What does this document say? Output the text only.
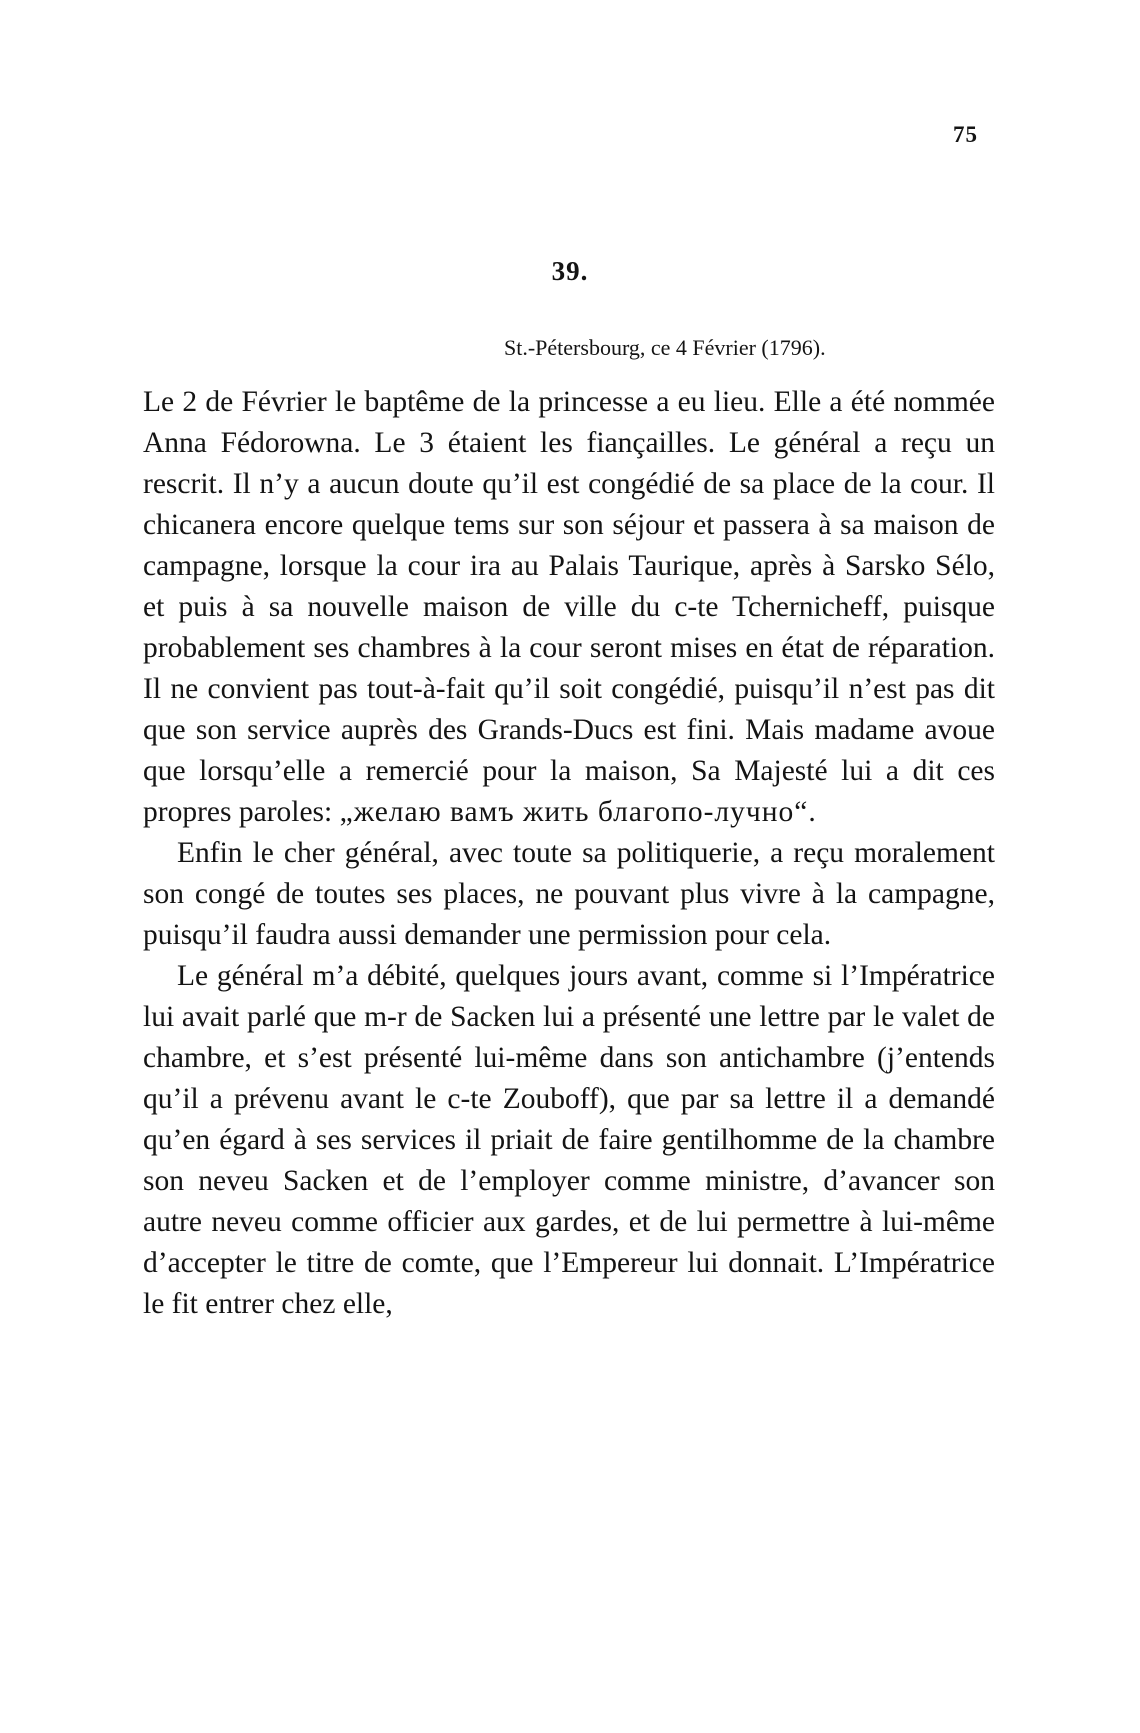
75
39.
St.-Pétersbourg, ce 4 Février (1796).

Le 2 de Février le baptême de la princesse a eu lieu. Elle a été nommée Anna Fédorowna. Le 3 étaient les fiançailles. Le général a reçu un rescrit. Il n’y a aucun doute qu’il est congédié de sa place de la cour. Il chicanera encore quelque tems sur son séjour et passera à sa maison de campagne, lorsque la cour ira au Palais Taurique, après à Sarsko Sélo, et puis à sa nouvelle maison de ville du c-te Tchernicheff, puisque probablement ses chambres à la cour seront mises en état de réparation. Il ne convient pas tout-à-fait qu’il soit congédié, puisqu’il n’est pas dit que son service auprès des Grands-Ducs est fini. Mais madame avoue que lorsqu’elle a remercié pour la maison, Sa Majesté lui a dit ces propres paroles: „желаю вамъ жить благопо-лучно“.

Enfin le cher général, avec toute sa politiquerie, a reçu moralement son congé de toutes ses places, ne pouvant plus vivre à la campagne, puisqu’il faudra aussi demander une permission pour cela.

Le général m’a débité, quelques jours avant, comme si l’Impératrice lui avait parlé que m-r de Sacken lui a présenté une lettre par le valet de chambre, et s’est présenté lui-même dans son antichambre (j’entends qu’il a prévenu avant le c-te Zouboff), que par sa lettre il a demandé qu’en égard à ses services il priait de faire gentilhomme de la chambre son neveu Sacken et de l’employer comme ministre, d’avancer son autre neveu comme officier aux gardes, et de lui permettre à lui-même d’accepter le titre de comte, que l’Empereur lui donnait. L’Impératrice le fit entrer chez elle,
